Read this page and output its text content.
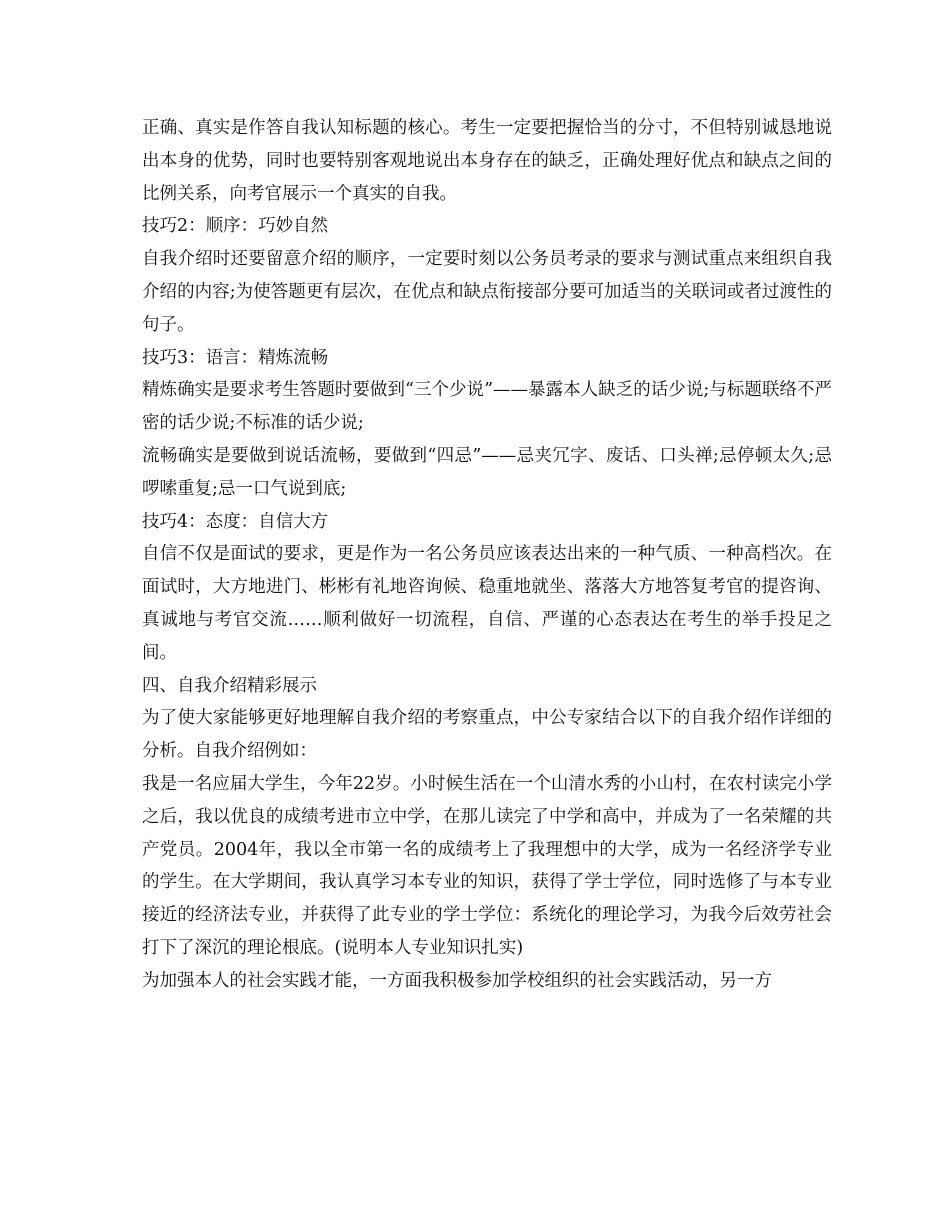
正确、真实是作答自我认知标题的核心。考生一定要把握恰当的分寸，不但特别诚恳地说出本身的优势，同时也要特别客观地说出本身存在的缺乏，正确处理好优点和缺点之间的比例关系，向考官展示一个真实的自我。

技巧2：顺序：巧妙自然

自我介绍时还要留意介绍的顺序，一定要时刻以公务员考录的要求与测试重点来组织自我介绍的内容;为使答题更有层次，在优点和缺点衔接部分要可加适当的关联词或者过渡性的句子。

技巧3：语言：精炼流畅

精炼确实是要求考生答题时要做到“三个少说”——暴露本人缺乏的话少说;与标题联络不严密的话少说;不标准的话少说;

流畅确实是要做到说话流畅，要做到“四忌”——忌夹冗字、废话、口头禅;忌停顿太久;忌啰嗦重复;忌一口气说到底;

技巧4：态度：自信大方

自信不仅是面试的要求，更是作为一名公务员应该表达出来的一种气质、一种高档次。在面试时，大方地进门、彬彬有礼地咨询候、稳重地就坐、落落大方地答复考官的提咨询、真诚地与考官交流……顺利做好一切流程，自信、严谨的心态表达在考生的举手投足之间。

四、自我介绍精彩展示

为了使大家能够更好地理解自我介绍的考察重点，中公专家结合以下的自我介绍作详细的分析。自我介绍例如：

我是一名应届大学生，今年22岁。小时候生活在一个山清水秀的小山村，在农村读完小学之后，我以优良的成绩考进市立中学，在那儿读完了中学和高中，并成为了一名荣耀的共产党员。2004年，我以全市第一名的成绩考上了我理想中的大学，成为一名经济学专业的学生。在大学期间，我认真学习本专业的知识，获得了学士学位，同时选修了与本专业接近的经济法专业，并获得了此专业的学士学位：系统化的理论学习，为我今后效劳社会打下了深沉的理论根底。(说明本人专业知识扎实)

为加强本人的社会实践才能，一方面我积极参加学校组织的社会实践活动，另一方
